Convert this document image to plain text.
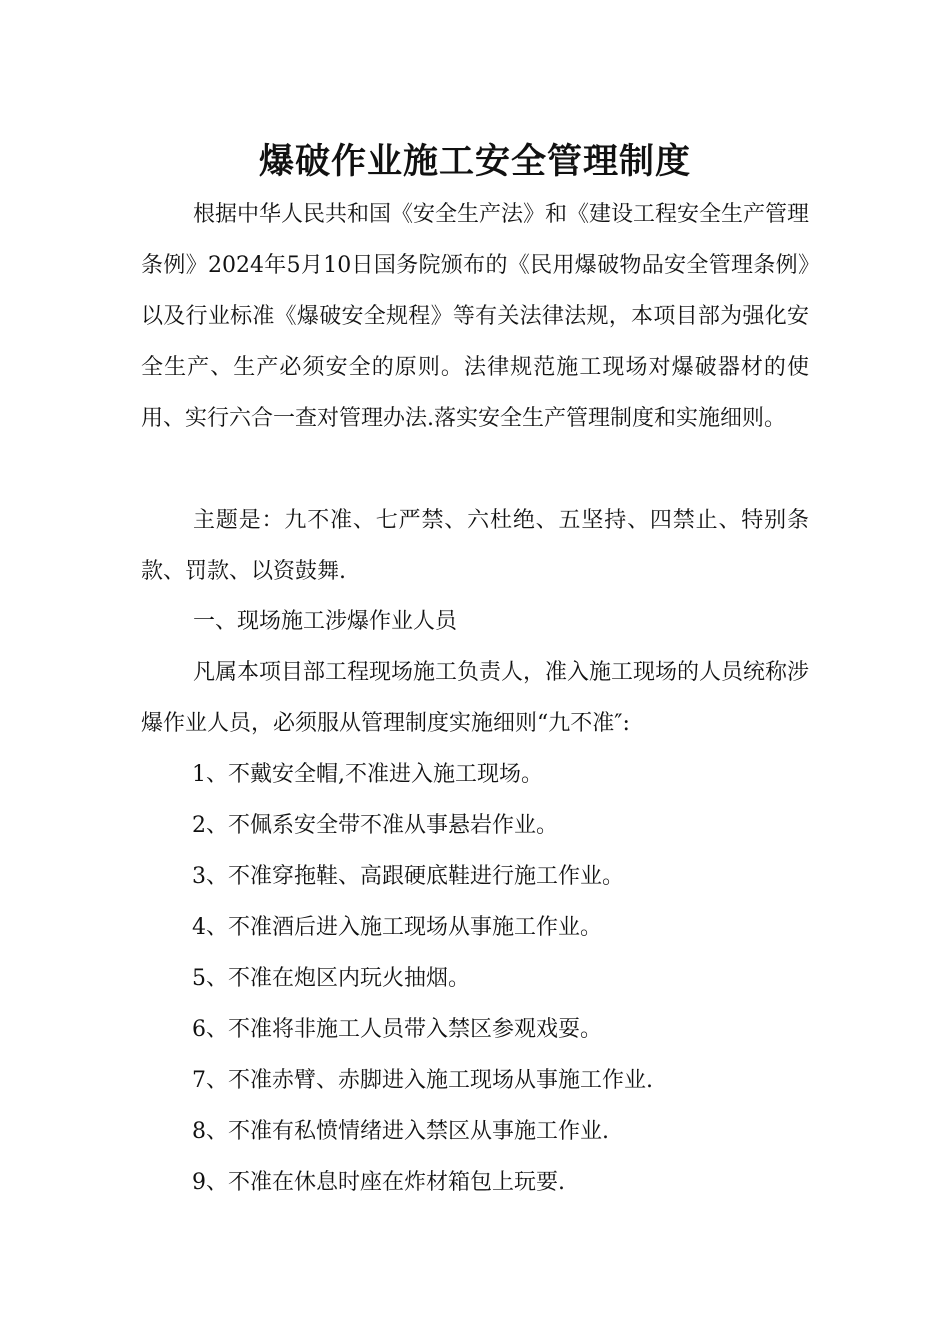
爆破作业施工安全管理制度

根据中华人民共和国《安全生产法》和《建设工程安全生产管理条例》2024年5月10日国务院颁布的《民用爆破物品安全管理条例》以及行业标准《爆破安全规程》等有关法律法规，本项目部为强化安全生产、生产必须安全的原则。法律规范施工现场对爆破器材的使用、实行六合一查对管理办法.落实安全生产管理制度和实施细则。

主题是：九不准、七严禁、六杜绝、五坚持、四禁止、特别条款、罚款、以资鼓舞.

一、现场施工涉爆作业人员

凡属本项目部工程现场施工负责人，准入施工现场的人员统称涉爆作业人员，必须服从管理制度实施细则“九不准″:

1、不戴安全帽,不准进入施工现场。
2、不佩系安全带不准从事悬岩作业。
3、不准穿拖鞋、高跟硬底鞋进行施工作业。
4、不准酒后进入施工现场从事施工作业。
5、不准在炮区内玩火抽烟。
6、不准将非施工人员带入禁区参观戏耍。
7、不准赤臂、赤脚进入施工现场从事施工作业.
8、不准有私愤情绪进入禁区从事施工作业.
9、不准在休息时座在炸材箱包上玩要.
